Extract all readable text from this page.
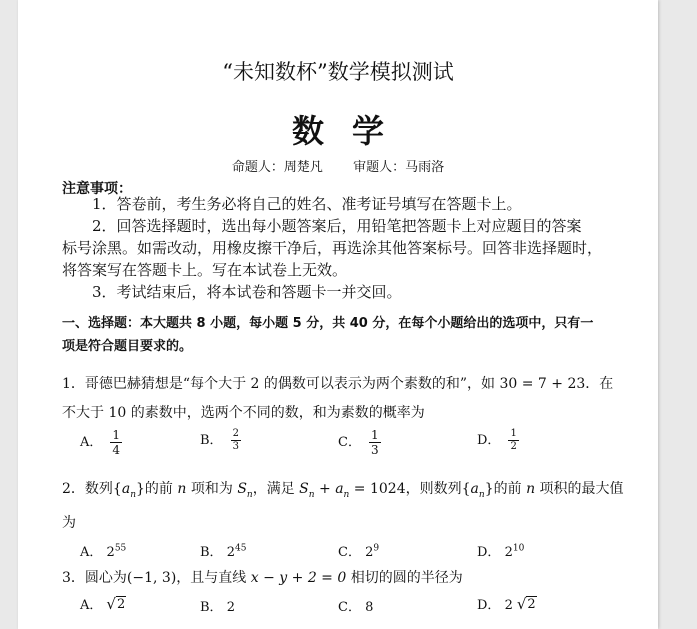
“未知数杯”数学模拟测试
数学
命题人：周楚凡 审题人：马雨洛
注意事项：
1．答卷前，考生务必将自己的姓名、准考证号填写在答题卡上。
2．回答选择题时，选出每小题答案后，用铅笔把答题卡上对应题目的答案
标号涂黑。如需改动，用橡皮擦干净后，再选涂其他答案标号。回答非选择题时，
将答案写在答题卡上。写在本试卷上无效。
3．考试结束后，将本试卷和答题卡一并交回。
一、选择题：本大题共 8 小题，每小题 5 分，共 40 分，在每个小题给出的选项中，只有一
项是符合题目要求的。
1．哥德巴赫猜想是“每个大于 2 的偶数可以表示为两个素数的和”，如 30 = 7 + 23．在
不大于 10 的素数中，选两个不同的数，和为素数的概率为
A． $\frac{1}{4}$	B． $\frac{2}{3}$	C． $\frac{1}{3}$	D． $\frac{1}{2}$
2．数列$\{a_n\}$的前 n 项和为 $S_n$，满足 $S_n + a_n = 1024$，则数列$\{a_n\}$的前 n 项积的最大值
为
A． $2^{55}$	B． $2^{45}$	C． $2^9$	D． $2^{10}$
3．圆心为(−1, 3)，且与直线 x − y + 2 = 0 相切的圆的半径为
A． √ 2	B． 2	C． 8	D． 2 √ 2
